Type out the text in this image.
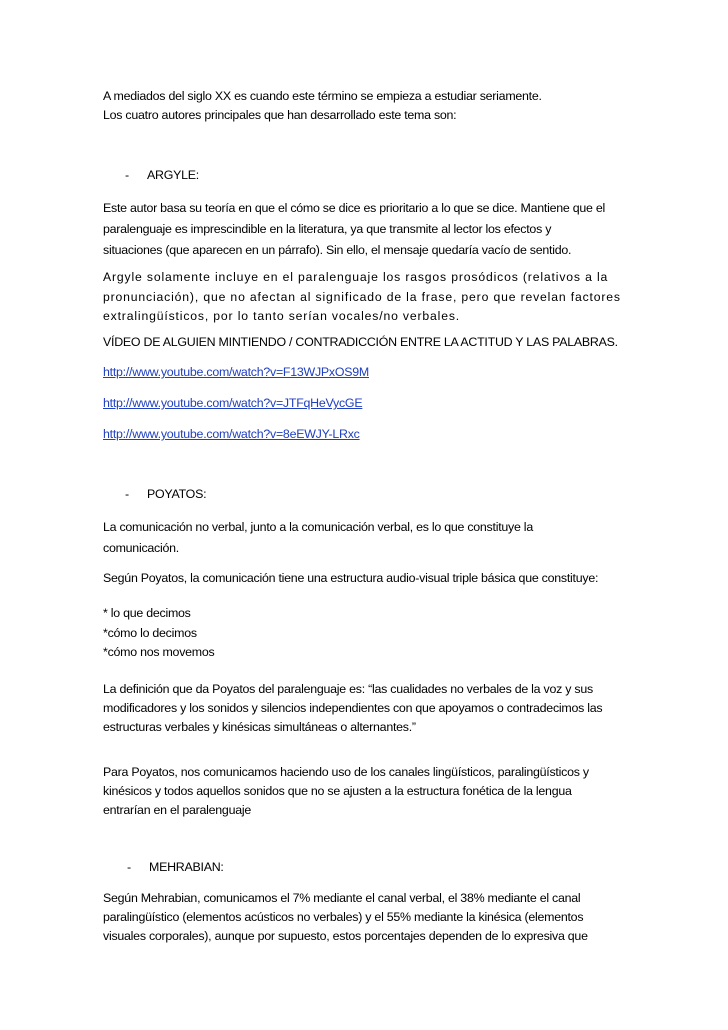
A mediados del siglo XX es cuando este término se empieza a estudiar seriamente.
Los cuatro autores principales que han desarrollado este tema son:
- ARGYLE:
Este autor basa su teoría en que el cómo se dice es prioritario a lo que se dice. Mantiene que el
paralenguaje es imprescindible en la literatura, ya que transmite al lector los efectos y
situaciones (que aparecen en un párrafo). Sin ello, el mensaje quedaría vacío de sentido.
Argyle solamente incluye en el paralenguaje los rasgos prosódicos (relativos a la
pronunciación), que no afectan al significado de la frase, pero que revelan factores
extralingüísticos, por lo tanto serían vocales/no verbales.
VÍDEO DE ALGUIEN MINTIENDO / CONTRADICCIÓN ENTRE LA ACTITUD Y LAS PALABRAS.
http://www.youtube.com/watch?v=F13WJPxOS9M
http://www.youtube.com/watch?v=JTFqHeVycGE
http://www.youtube.com/watch?v=8eEWJY-LRxc
- POYATOS:
La comunicación no verbal, junto a la comunicación verbal, es lo que constituye la
comunicación.
Según Poyatos, la comunicación tiene una estructura audio-visual triple básica que constituye:
* lo que decimos
*cómo lo decimos
*cómo nos movemos
La definición que da Poyatos del paralenguaje es: “las cualidades no verbales de la voz y sus
modificadores y los sonidos y silencios independientes con que apoyamos o contradecimos las
estructuras verbales y kinésicas simultáneas o alternantes.”
Para Poyatos, nos comunicamos haciendo uso de los canales lingüísticos, paralingüísticos y
kinésicos y todos aquellos sonidos que no se ajusten a la estructura fonética de la lengua
entrarían en el paralenguaje
- MEHRABIAN:
Según Mehrabian, comunicamos el 7% mediante el canal verbal, el 38% mediante el canal
paralingüístico (elementos acústicos no verbales) y el 55% mediante la kinésica (elementos
visuales corporales), aunque por supuesto, estos porcentajes dependen de lo expresiva que
